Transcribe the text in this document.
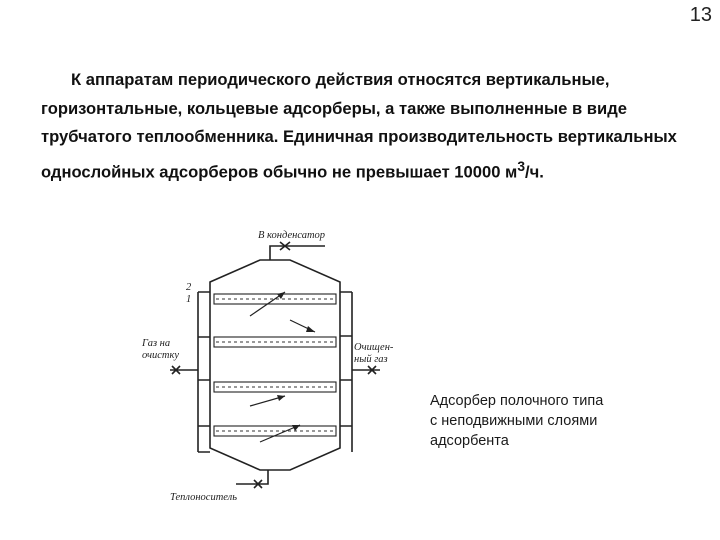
13

К аппаратам периодического действия относятся вертикальные, горизонтальные, кольцевые адсорберы, а также выполненные в виде трубчатого теплообменника. Единичная производительность вертикальных однослойных адсорберов обычно не превышает 10000 $м^3/ч$.

В конденсатор
Газ на
очистку
Очищен-
ный газ
Теплоноситель
2
1
Адсорбер полочного типа
с неподвижными слоями
адсорбента
